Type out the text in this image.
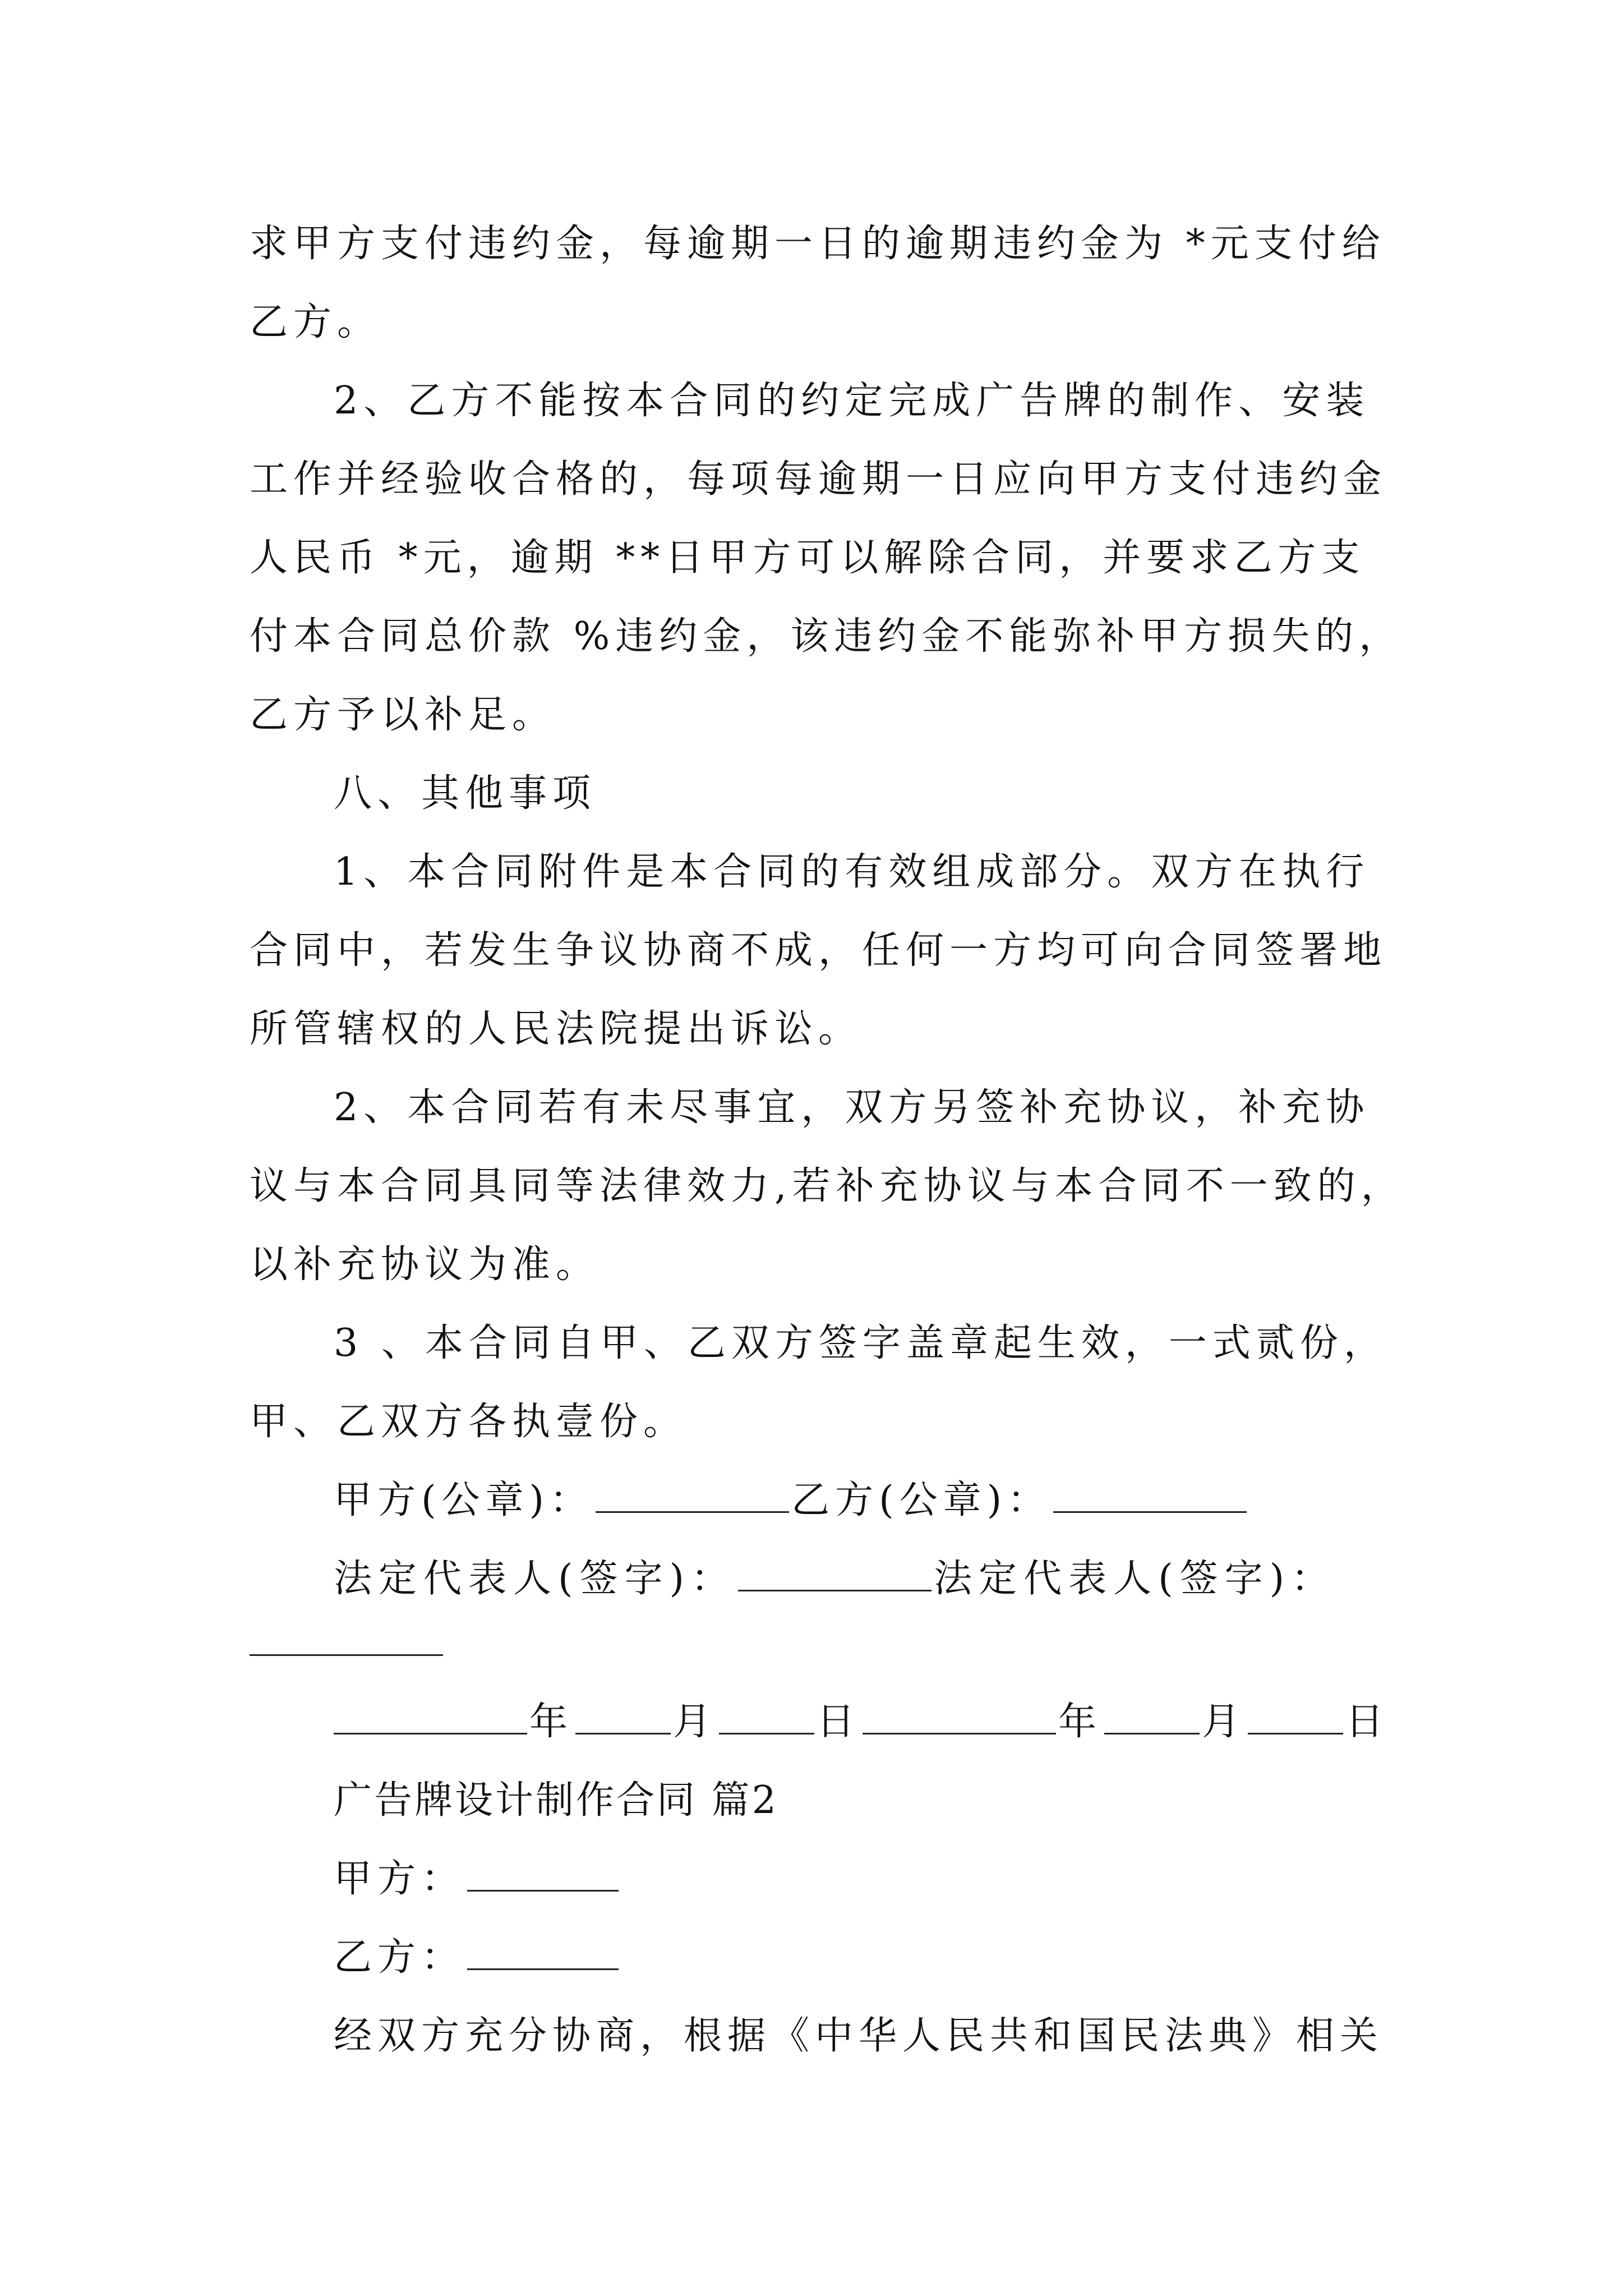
求甲方支付违约金，每逾期一日的逾期违约金为 *元支付给
乙方。
2、乙方不能按本合同的约定完成广告牌的制作、安装
工作并经验收合格的，每项每逾期一日应向甲方支付违约金
人民币 *元，逾期 **日甲方可以解除合同，并要求乙方支
付本合同总价款 %违约金，该违约金不能弥补甲方损失的，
乙方予以补足。
八、其他事项
1、本合同附件是本合同的有效组成部分。双方在执行
合同中，若发生争议协商不成，任何一方均可向合同签署地
所管辖权的人民法院提出诉讼。
2、本合同若有未尽事宜，双方另签补充协议，补充协
议与本合同具同等法律效力,若补充协议与本合同不一致的，
以补充协议为准。
3 、本合同自甲、乙双方签字盖章起生效，一式贰份，
甲、乙双方各执壹份。
甲方(公章)：	乙方(公章)：
法定代表人(签字)：	法定代表人(签字)：
年	月	日	年	月	日
广告牌设计制作合同 篇2
甲方：
乙方：
经双方充分协商，根据《中华人民共和国民法典》相关
